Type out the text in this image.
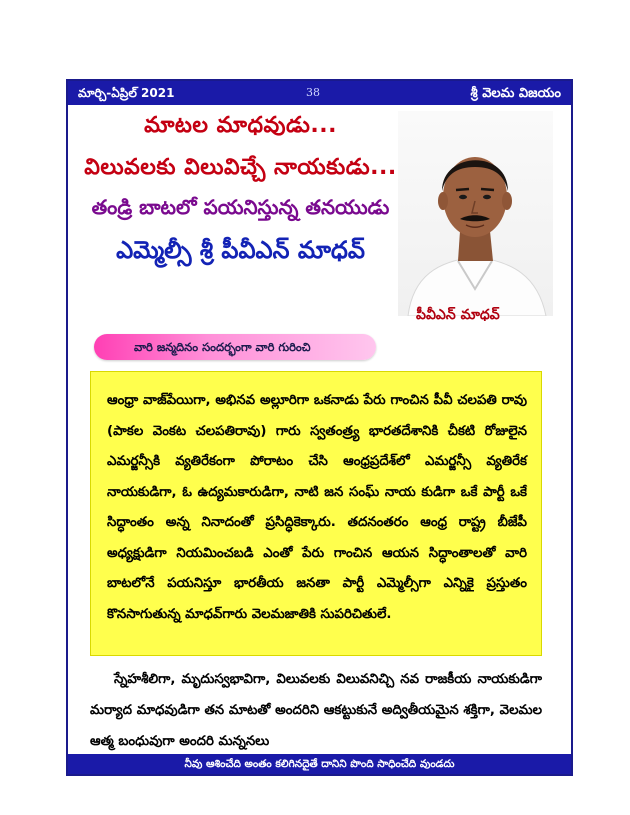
మార్చి-ఏప్రిల్ 2021	38	శ్రీ వెలమ విజయం
మాటల మాధవుడు...
విలువలకు విలువిచ్చే నాయకుడు...
తండ్రి బాటలో పయనిస్తున్న తనయుడు
ఎమ్మెల్సీ శ్రీ పీవీఎన్ మాధవ్
పీవీఎన్ మాధవ్
వారి జన్మదినం సందర్భంగా వారి గురించి

ఆంధ్రా వాజ్‌పేయిగా, అభినవ అల్లూరిగా ఒకనాడు పేరు గాంచిన పీవీ చలపతి రావు (పాకల వెంకట చలపతిరావు) గారు స్వతంత్ర్య భారతదేశానికి చీకటి రోజులైన ఎమర్జన్సీకి వ్యతిరేకంగా పోరాటం చేసి ఆంధ్రప్రదేశ్‌లో ఎమర్జన్సీ వ్యతిరేక నాయకుడిగా, ఓ ఉద్యమకారుడిగా, నాటి జన సంఘ్ నాయ కుడిగా ఒకే పార్టీ ఒకే సిద్ధాంతం అన్న నినాదంతో ప్రసిద్ధికెక్కారు. తదనంతరం ఆంధ్ర రాష్ట్ర బీజేపీ అధ్యక్షుడిగా నియమించబడి ఎంతో పేరు గాంచిన ఆయన సిద్ధాంతాలతో వారి బాటలోనే పయనిస్తూ భారతీయ జనతా పార్టీ ఎమ్మెల్సీగా ఎన్నికై ప్రస్తుతం కొనసాగుతున్న మాధవ్‌గారు వెలమజాతికి సుపరిచితులే.

స్నేహశీలిగా, మృదుస్వభావిగా, విలువలకు విలువనిచ్చి నవ రాజకీయ నాయకుడిగా మర్యాద మాధవుడిగా తన మాటతో అందరిని ఆకట్టుకునే అద్వితీయమైన శక్తిగా, వెలమల ఆత్మ బంధువుగా అందరి మన్ననలు
నీవు ఆశించేది అంతం కలిగినదైతే దానిని పొంది సాధించేది వుండదు
